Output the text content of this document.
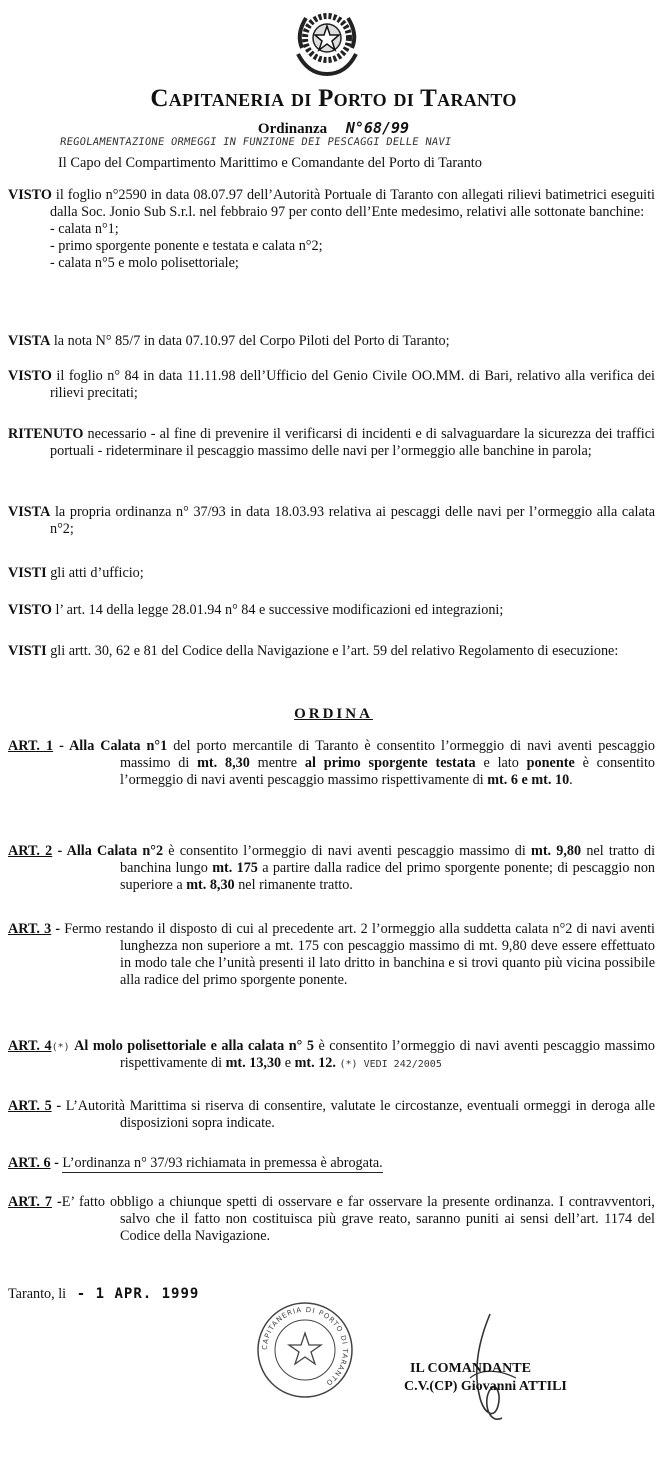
Capitaneria di Porto di Taranto
Ordinanza N°68/99
REGOLAMENTAZIONE ORMEGGI IN FUNZIONE DEI PESCAGGI DELLE NAVI
Il Capo del Compartimento Marittimo e Comandante del Porto di Taranto

VISTO il foglio n°2590 in data 08.07.97 dell’Autorità Portuale di Taranto con allegati rilievi batimetrici eseguiti dalla Soc. Jonio Sub S.r.l. nel febbraio 97 per conto dell’Ente medesimo, relativi alle sottonate banchine:

- calata n°1;
- primo sporgente ponente e testata e calata n°2;
- calata n°5 e molo polisettoriale;

VISTA la nota N° 85/7 in data 07.10.97 del Corpo Piloti del Porto di Taranto;

VISTO il foglio n° 84 in data 11.11.98 dell’Ufficio del Genio Civile OO.MM. di Bari, relativo alla verifica dei rilievi precitati;

RITENUTO necessario - al fine di prevenire il verificarsi di incidenti e di salvaguardare la sicurezza dei traffici portuali - rideterminare il pescaggio massimo delle navi per l’ormeggio alle banchine in parola;

VISTA la propria ordinanza n° 37/93 in data 18.03.93 relativa ai pescaggi delle navi per l’ormeggio alla calata n°2;

VISTI gli atti d’ufficio;

VISTO l’ art. 14 della legge 28.01.94 n° 84 e successive modificazioni ed integrazioni;

VISTI gli artt. 30, 62 e 81 del Codice della Navigazione e l’art. 59 del relativo Regolamento di esecuzione:

ORDINA

ART. 1 - Alla Calata n°1 del porto mercantile di Taranto è consentito l’ormeggio di navi aventi pescaggio massimo di mt. 8,30 mentre al primo sporgente testata e lato ponente è consentito l’ormeggio di navi aventi pescaggio massimo rispettivamente di mt. 6 e mt. 10.

ART. 2 - Alla Calata n°2 è consentito l’ormeggio di navi aventi pescaggio massimo di mt. 9,80 nel tratto di banchina lungo mt. 175 a partire dalla radice del primo sporgente ponente; di pescaggio non superiore a mt. 8,30 nel rimanente tratto.

ART. 3 - Fermo restando il disposto di cui al precedente art. 2 l’ormeggio alla suddetta calata n°2 di navi aventi lunghezza non superiore a mt. 175 con pescaggio massimo di mt. 9,80 deve essere effettuato in modo tale che l’unità presenti il lato dritto in banchina e si trovi quanto più vicina possibile alla radice del primo sporgente ponente.

ART. 4(*) Al molo polisettoriale e alla calata n° 5 è consentito l’ormeggio di navi aventi pescaggio massimo rispettivamente di mt. 13,30 e mt. 12. (*) VEDI 242/2005

ART. 5 - L’Autorità Marittima si riserva di consentire, valutate le circostanze, eventuali ormeggi in deroga alle disposizioni sopra indicate.

ART. 6 - L’ordinanza n° 37/93 richiamata in premessa è abrogata.

ART. 7 -E’ fatto obbligo a chiunque spetti di osservare e far osservare la presente ordinanza. I contravventori, salvo che il fatto non costituisca più grave reato, saranno puniti ai sensi dell’art. 1174 del Codice della Navigazione.

Taranto, li - 1 APR. 1999
CAPITANERIA DI PORTO DI TARANTO
IL COMANDANTE
C.V.(CP) Giovanni ATTILI
